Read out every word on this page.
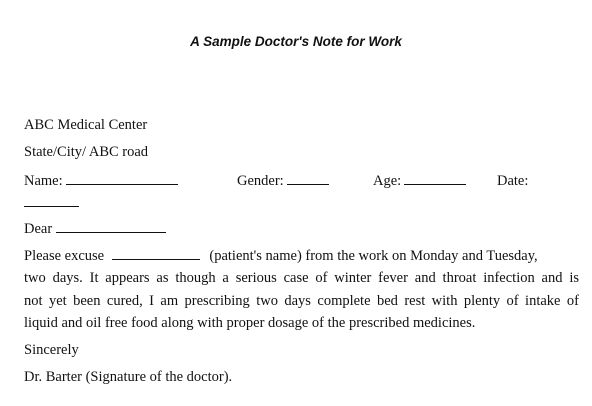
A Sample Doctor's Note for Work
ABC Medical Center
State/City/ ABC road
Name:	Gender:	Age:	Date:
Dear
Please excuse	(patient's name) from the work on Monday and Tuesday,
two days. It appears as though a serious case of winter fever and throat infection and is
not yet been cured, I am prescribing two days complete bed rest with plenty of intake of
liquid and oil free food along with proper dosage of the prescribed medicines.
Sincerely
Dr. Barter (Signature of the doctor).
